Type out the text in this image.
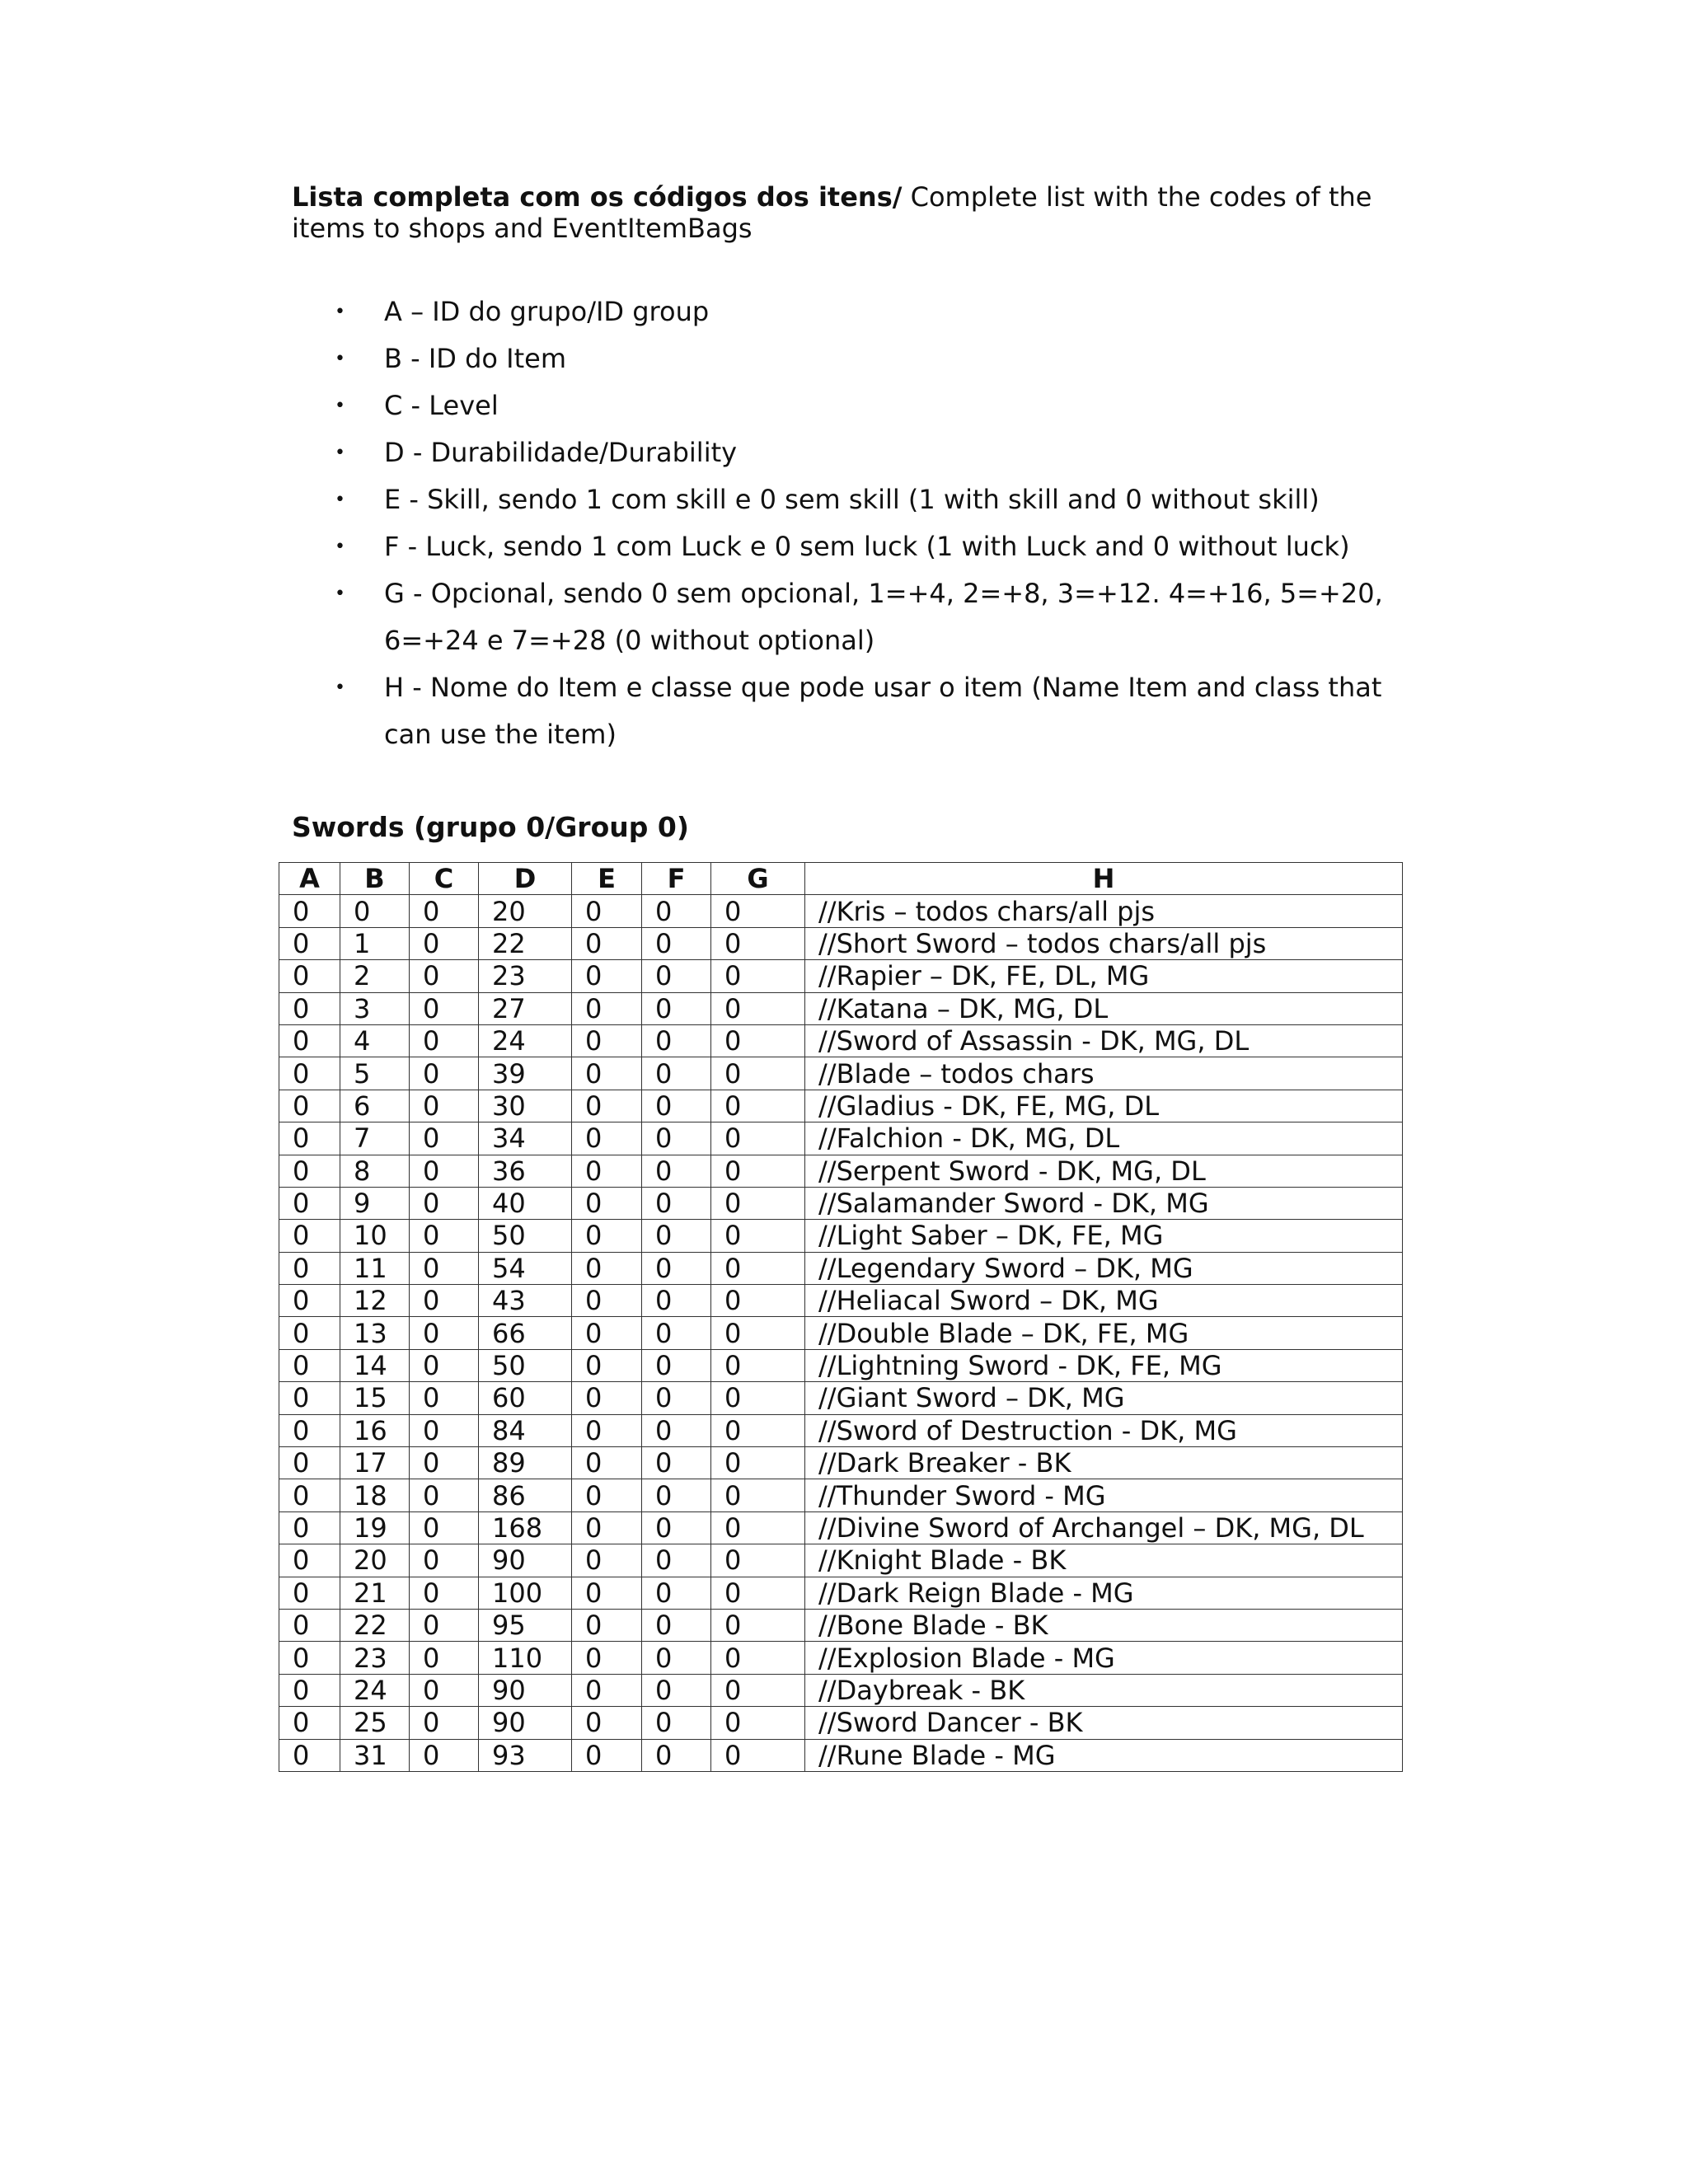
Lista completa com os códigos dos itens/ Complete list with the codes of the items to shops and EventItemBags
• A – ID do grupo/ID group
• B - ID do Item
• C - Level
• D - Durabilidade/Durability
• E - Skill, sendo 1 com skill e 0 sem skill (1 with skill and 0 without skill)
• F - Luck, sendo 1 com Luck e 0 sem luck (1 with Luck and 0 without luck)
• G - Opcional, sendo 0 sem opcional, 1=+4, 2=+8, 3=+12. 4=+16, 5=+20, 6=+24 e 7=+28 (0 without optional)
• H - Nome do Item e classe que pode usar o item (Name Item and class that can use the item)
Swords (grupo 0/Group 0)
A	B	C	D	E	F	G	H
0	0	0	20	0	0	0	//Kris – todos chars/all pjs
0	1	0	22	0	0	0	//Short Sword – todos chars/all pjs
0	2	0	23	0	0	0	//Rapier – DK, FE, DL, MG
0	3	0	27	0	0	0	//Katana – DK, MG, DL
0	4	0	24	0	0	0	//Sword of Assassin - DK, MG, DL
0	5	0	39	0	0	0	//Blade – todos chars
0	6	0	30	0	0	0	//Gladius - DK, FE, MG, DL
0	7	0	34	0	0	0	//Falchion - DK, MG, DL
0	8	0	36	0	0	0	//Serpent Sword - DK, MG, DL
0	9	0	40	0	0	0	//Salamander Sword - DK, MG
0	10	0	50	0	0	0	//Light Saber – DK, FE, MG
0	11	0	54	0	0	0	//Legendary Sword – DK, MG
0	12	0	43	0	0	0	//Heliacal Sword – DK, MG
0	13	0	66	0	0	0	//Double Blade – DK, FE, MG
0	14	0	50	0	0	0	//Lightning Sword - DK, FE, MG
0	15	0	60	0	0	0	//Giant Sword – DK, MG
0	16	0	84	0	0	0	//Sword of Destruction - DK, MG
0	17	0	89	0	0	0	//Dark Breaker - BK
0	18	0	86	0	0	0	//Thunder Sword - MG
0	19	0	168	0	0	0	//Divine Sword of Archangel – DK, MG, DL
0	20	0	90	0	0	0	//Knight Blade - BK
0	21	0	100	0	0	0	//Dark Reign Blade - MG
0	22	0	95	0	0	0	//Bone Blade - BK
0	23	0	110	0	0	0	//Explosion Blade - MG
0	24	0	90	0	0	0	//Daybreak - BK
0	25	0	90	0	0	0	//Sword Dancer - BK
0	31	0	93	0	0	0	//Rune Blade - MG
